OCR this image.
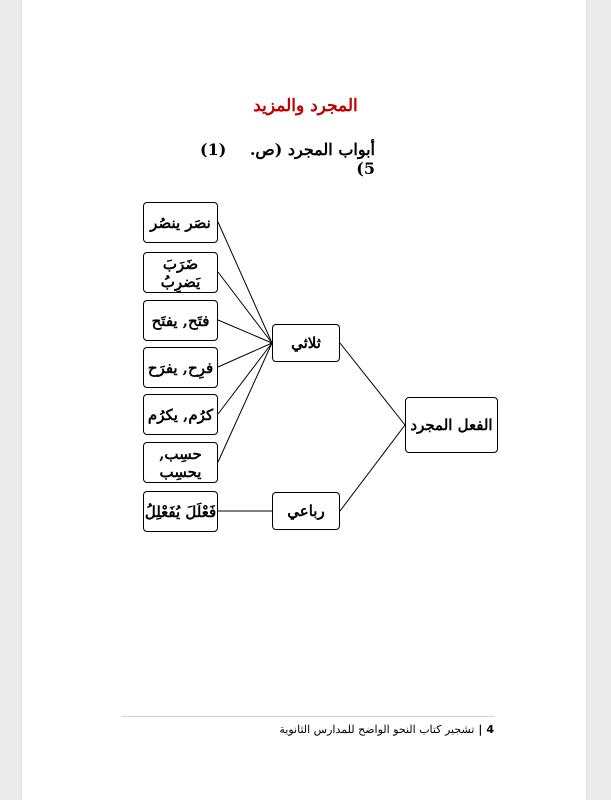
المجرد والمزيد
أبواب المجرد (ص. 5)
(1)
نصَر ينصُر
ضَرَبَ يَضرِبُ
فتَح, يفتَح
فرِح, يفرَح
كرُم, يكرُم
حسِب, يحسِب
فَعْلَلَ يُفَعْلِلُ
ثلاثي
رباعي
الفعل المجرد
4
|
تشجير كتاب النحو الواضح للمدارس الثانوية
